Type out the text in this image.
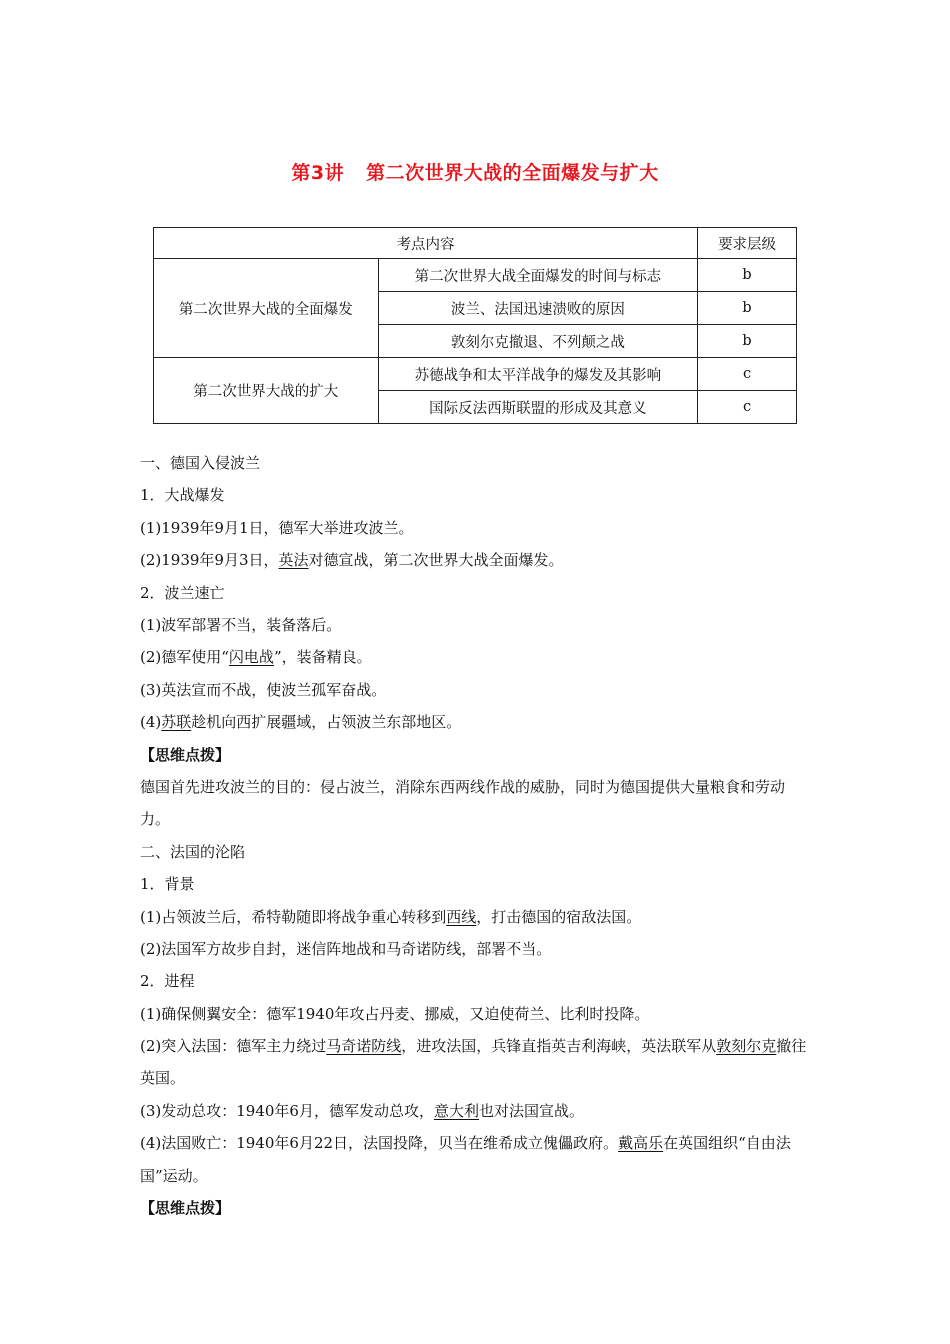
第3讲 第二次世界大战的全面爆发与扩大
考点内容		要求层级
第二次世界大战的全面爆发	第二次世界大战全面爆发的时间与标志	b
	波兰、法国迅速溃败的原因	b
	敦刻尔克撤退、不列颠之战	b
第二次世界大战的扩大	苏德战争和太平洋战争的爆发及其影响	c
	国际反法西斯联盟的形成及其意义	c
一、德国入侵波兰
1．大战爆发
(1)1939年9月1日，德军大举进攻波兰。
(2)1939年9月3日，英法对德宣战，第二次世界大战全面爆发。
2．波兰速亡
(1)波军部署不当，装备落后。
(2)德军使用“闪电战”，装备精良。
(3)英法宣而不战，使波兰孤军奋战。
(4)苏联趁机向西扩展疆域，占领波兰东部地区。
【思维点拨】
德国首先进攻波兰的目的：侵占波兰，消除东西两线作战的威胁，同时为德国提供大量粮食和劳动力。
二、法国的沦陷
1．背景
(1)占领波兰后，希特勒随即将战争重心转移到西线，打击德国的宿敌法国。
(2)法国军方故步自封，迷信阵地战和马奇诺防线，部署不当。
2．进程
(1)确保侧翼安全：德军1940年攻占丹麦、挪威，又迫使荷兰、比利时投降。
(2)突入法国：德军主力绕过马奇诺防线，进攻法国，兵锋直指英吉利海峡，英法联军从敦刻尔克撤往英国。
(3)发动总攻：1940年6月，德军发动总攻，意大利也对法国宣战。
(4)法国败亡：1940年6月22日，法国投降，贝当在维希成立傀儡政府。戴高乐在英国组织“自由法国”运动。
【思维点拨】
